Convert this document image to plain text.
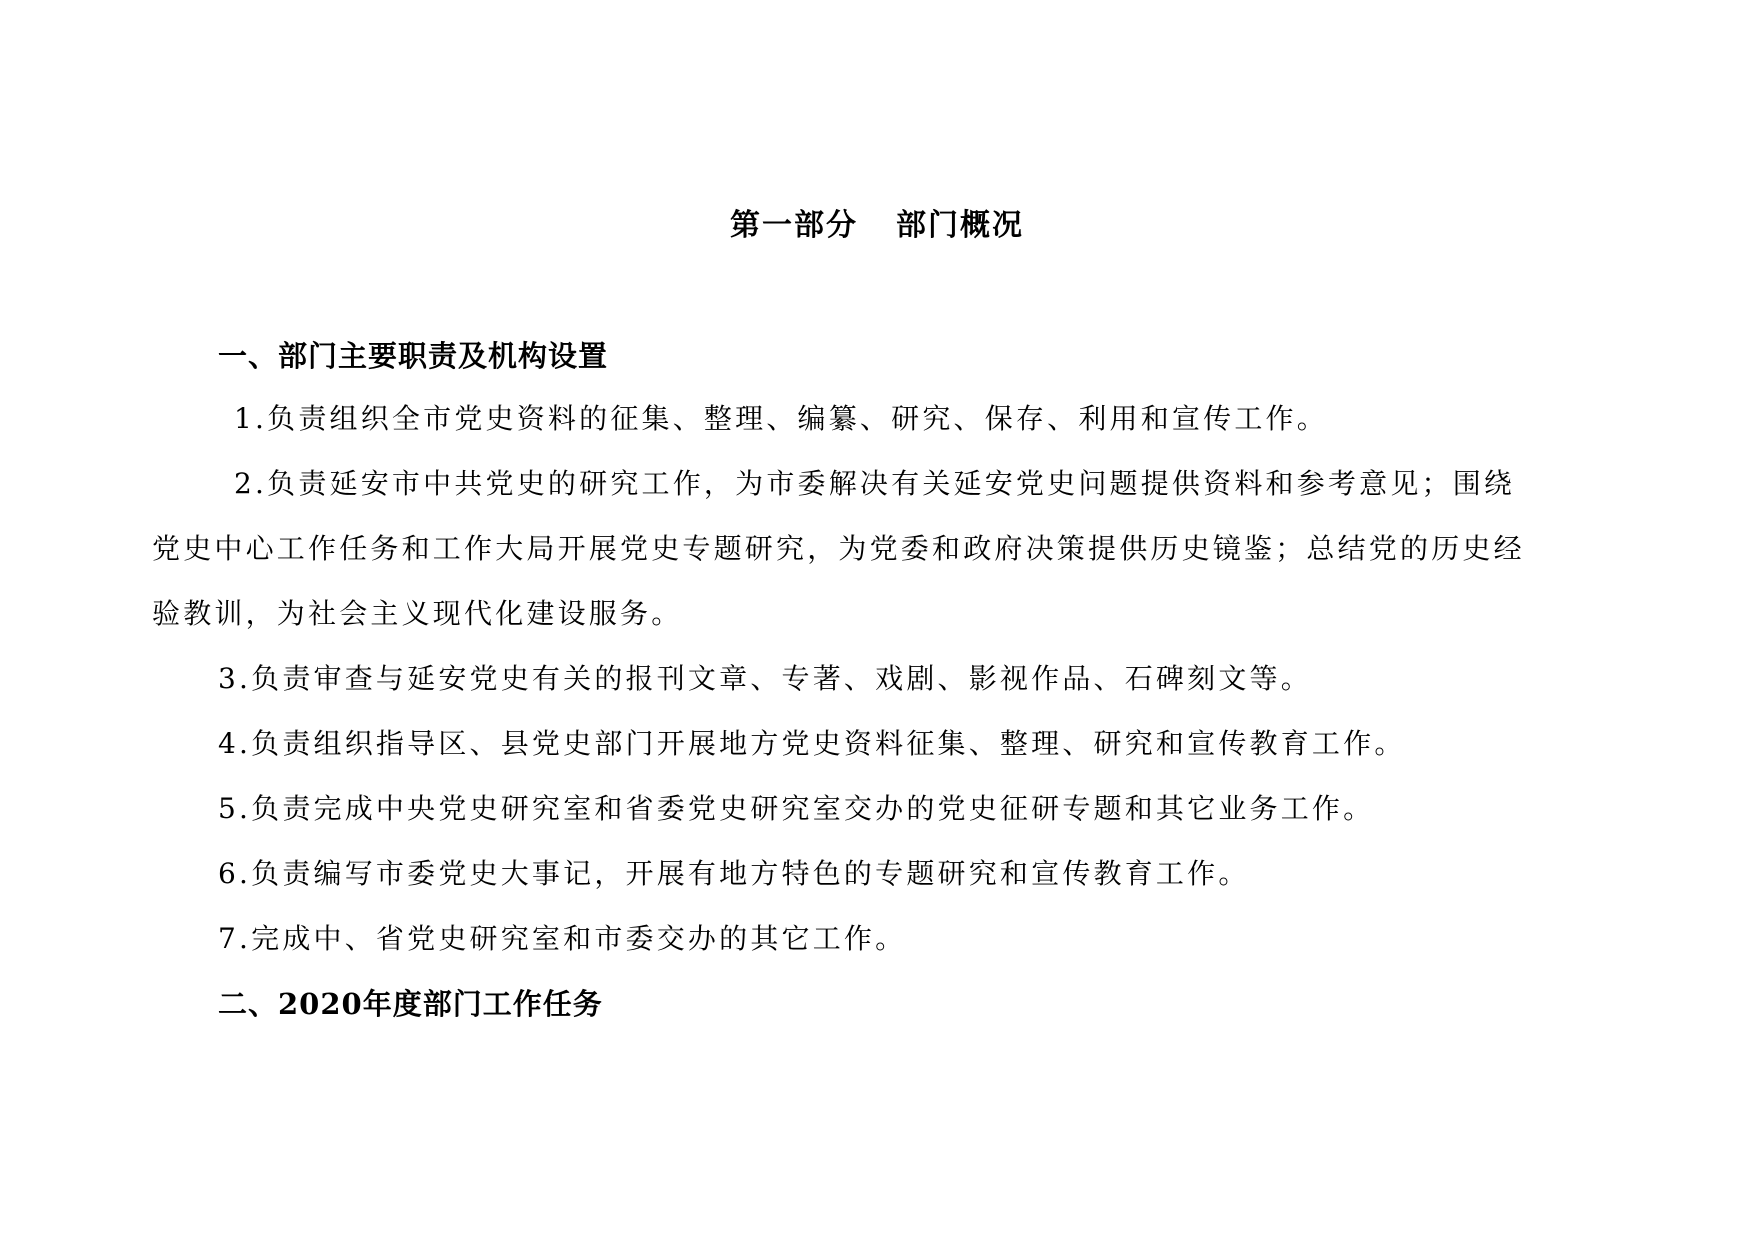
第一部分 部门概况
一、部门主要职责及机构设置
1.负责组织全市党史资料的征集、整理、编纂、研究、保存、利用和宣传工作。
2.负责延安市中共党史的研究工作，为市委解决有关延安党史问题提供资料和参考意见；围绕
党史中心工作任务和工作大局开展党史专题研究，为党委和政府决策提供历史镜鉴；总结党的历史经
验教训，为社会主义现代化建设服务。
3.负责审查与延安党史有关的报刊文章、专著、戏剧、影视作品、石碑刻文等。
4.负责组织指导区、县党史部门开展地方党史资料征集、整理、研究和宣传教育工作。
5.负责完成中央党史研究室和省委党史研究室交办的党史征研专题和其它业务工作。
6.负责编写市委党史大事记，开展有地方特色的专题研究和宣传教育工作。
7.完成中、省党史研究室和市委交办的其它工作。
二、2020年度部门工作任务
